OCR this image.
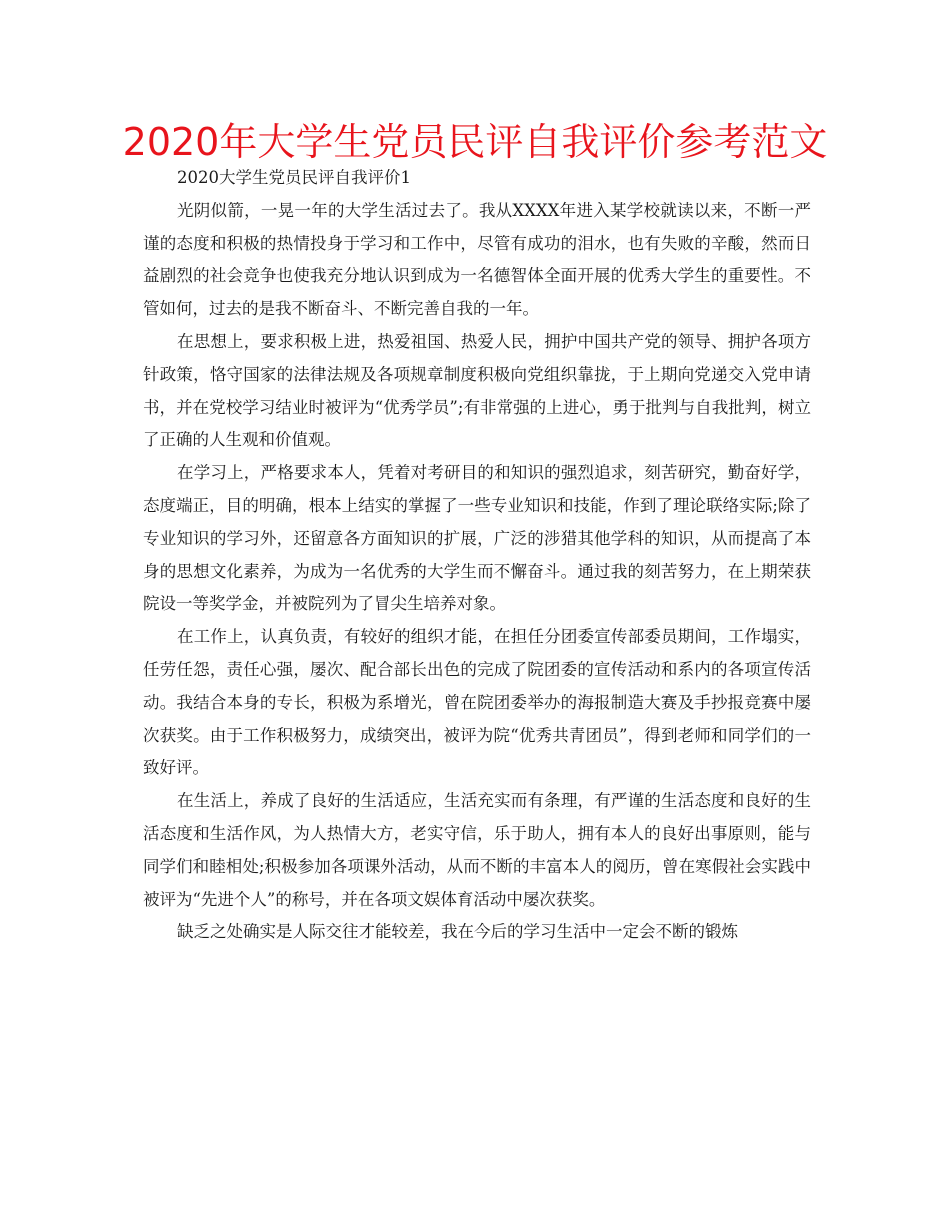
2020年大学生党员民评自我评价参考范文

2020大学生党员民评自我评价1

光阴似箭，一晃一年的大学生活过去了。我从XXXX年进入某学校就读以来，不断一严谨的态度和积极的热情投身于学习和工作中，尽管有成功的泪水，也有失败的辛酸，然而日益剧烈的社会竞争也使我充分地认识到成为一名德智体全面开展的优秀大学生的重要性。不管如何，过去的是我不断奋斗、不断完善自我的一年。

在思想上，要求积极上进，热爱祖国、热爱人民，拥护中国共产党的领导、拥护各项方针政策，恪守国家的法律法规及各项规章制度积极向党组织靠拢，于上期向党递交入党申请书，并在党校学习结业时被评为“优秀学员”;有非常强的上进心，勇于批判与自我批判，树立了正确的人生观和价值观。

在学习上，严格要求本人，凭着对考研目的和知识的强烈追求，刻苦研究，勤奋好学，态度端正，目的明确，根本上结实的掌握了一些专业知识和技能，作到了理论联络实际;除了专业知识的学习外，还留意各方面知识的扩展，广泛的涉猎其他学科的知识，从而提高了本身的思想文化素养，为成为一名优秀的大学生而不懈奋斗。通过我的刻苦努力，在上期荣获院设一等奖学金，并被院列为了冒尖生培养对象。

在工作上，认真负责，有较好的组织才能，在担任分团委宣传部委员期间，工作塌实，任劳任怨，责任心强，屡次、配合部长出色的完成了院团委的宣传活动和系内的各项宣传活动。我结合本身的专长，积极为系增光，曾在院团委举办的海报制造大赛及手抄报竞赛中屡次获奖。由于工作积极努力，成绩突出，被评为院“优秀共青团员”，得到老师和同学们的一致好评。

在生活上，养成了良好的生活适应，生活充实而有条理，有严谨的生活态度和良好的生活态度和生活作风，为人热情大方，老实守信，乐于助人，拥有本人的良好出事原则，能与同学们和睦相处;积极参加各项课外活动，从而不断的丰富本人的阅历，曾在寒假社会实践中被评为“先进个人”的称号，并在各项文娱体育活动中屡次获奖。

缺乏之处确实是人际交往才能较差，我在今后的学习生活中一定会不断的锻炼
